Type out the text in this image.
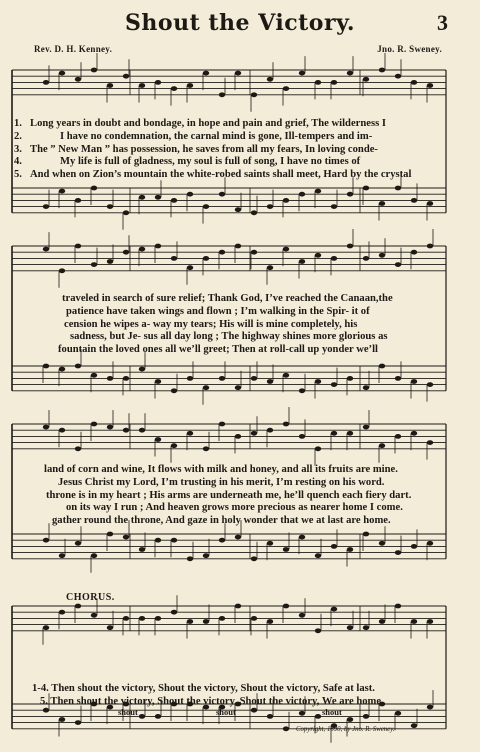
Shout the Victory.	3
Rev. D. H. Kenney.	Jno. R. Sweney.
1. Long years in doubt and bondage, in hope and pain and grief, The wilderness I
2.	I have no condemnation, the carnal mind is gone, Ill-tempers and im-
3. The ” New Man ” has possession, he saves from all my fears, In loving conde-
4.	My life is full of gladness, my soul is full of song, I have no times of
5. And when on Zion’s mountain the white-robed saints shall meet, Hard by the crystal
traveled in search of sure relief; Thank God, I’ve reached the Canaan,the
patience have taken wings and flown ; I’m walking in the Spir- it of
cension he wipes a- way my tears; His will is mine completely, his
sadness, but Je- sus all day long ; The highway shines more glorious as
fountain the loved ones all we’ll greet; Then at roll-call up yonder we’ll
land of corn and wine, It flows with milk and honey, and all its fruits are mine.
Jesus Christ my Lord, I’m trusting in his merit, I’m resting on his word.
throne is in my heart ; His arms are underneath me, he’ll quench each fiery dart.
on its way I run ; And heaven grows more precious as nearer home I come.
gather round the throne, And gaze in holy wonder that we at last are home.
CHORUS.
1-4. Then shout the victory, Shout the victory, Shout the victory, Safe at last.
5. Then shout the victory, Shout the victory, Shout the victory, We are home.
shout	shout	shout
Copyright, 1890, by Jno. R. Sweney.
